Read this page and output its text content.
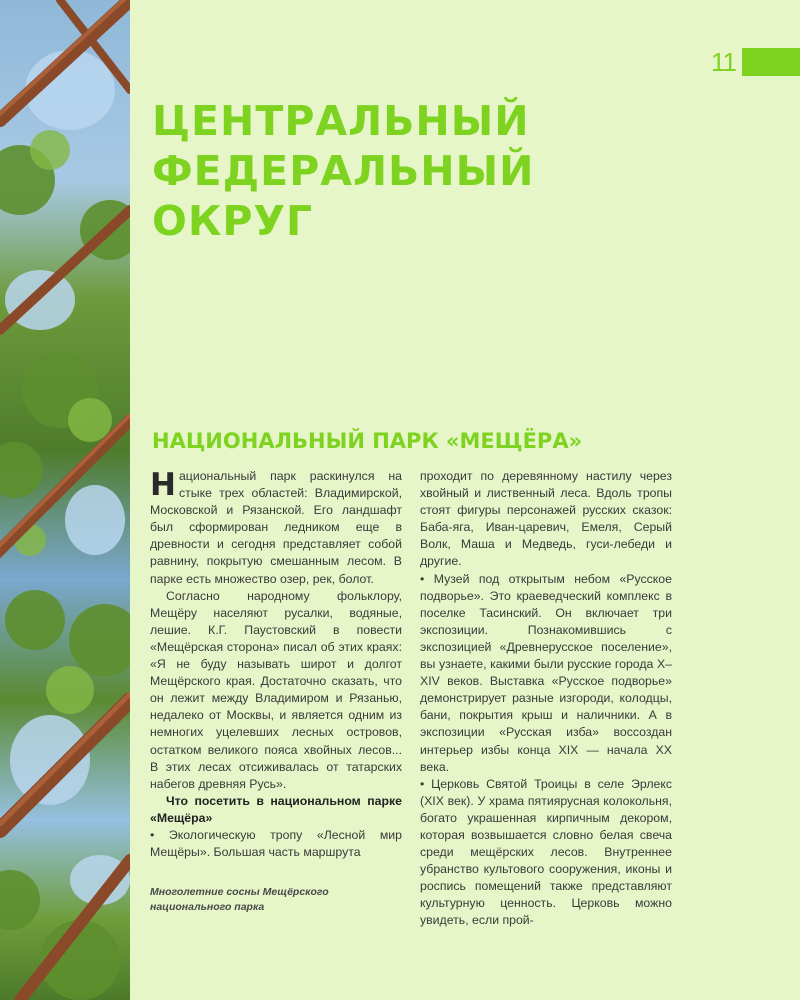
11
ЦЕНТРАЛЬНЫЙ
ФЕДЕРАЛЬНЫЙ
ОКРУГ
НАЦИОНАЛЬНЫЙ ПАРК «МЕЩЁРА»

Национальный парк раскинулся на стыке трех областей: Владимирской, Московской и Рязанской. Его ландшафт был сформирован ледником еще в древности и сегодня представляет собой равнину, покрытую смешанным лесом. В парке есть множество озер, рек, болот.

Согласно народному фольклору, Мещёру населяют русалки, водяные, лешие. К.Г. Паустовский в повести «Мещёрская сторона» писал об этих краях: «Я не буду называть широт и долгот Мещёрского края. Достаточно сказать, что он лежит между Владимиром и Рязанью, недалеко от Москвы, и является одним из немногих уцелевших лесных островов, остатком великого пояса хвойных лесов... В этих лесах отсиживалась от татарских набегов древняя Русь».

Что посетить в национальном парке «Мещёра»

• Экологическую тропу «Лесной мир Мещёры». Большая часть маршрута

проходит по деревянному настилу через хвойный и лиственный леса. Вдоль тропы стоят фигуры персонажей русских сказок: Баба-яга, Иван-царевич, Емеля, Серый Волк, Маша и Медведь, гуси-лебеди и другие.

• Музей под открытым небом «Русское подворье». Это краеведческий комплекс в поселке Тасинский. Он включает три экспозиции. Познакомившись с экспозицией «Древнерусское поселение», вы узнаете, какими были русские города X–XIV веков. Выставка «Русское подворье» демонстрирует разные изгороди, колодцы, бани, покрытия крыш и наличники. А в экспозиции «Русская изба» воссоздан интерьер избы конца XIX — начала XX века.

• Церковь Святой Троицы в селе Эрлекс (XIX век). У храма пятиярусная колокольня, богато украшенная кирпичным декором, которая возвышается словно белая свеча среди мещёрских лесов. Внутреннее убранство культового сооружения, иконы и роспись помещений также представляют культурную ценность. Церковь можно увидеть, если прой-

Многолетние сосны Мещёрского национального парка
